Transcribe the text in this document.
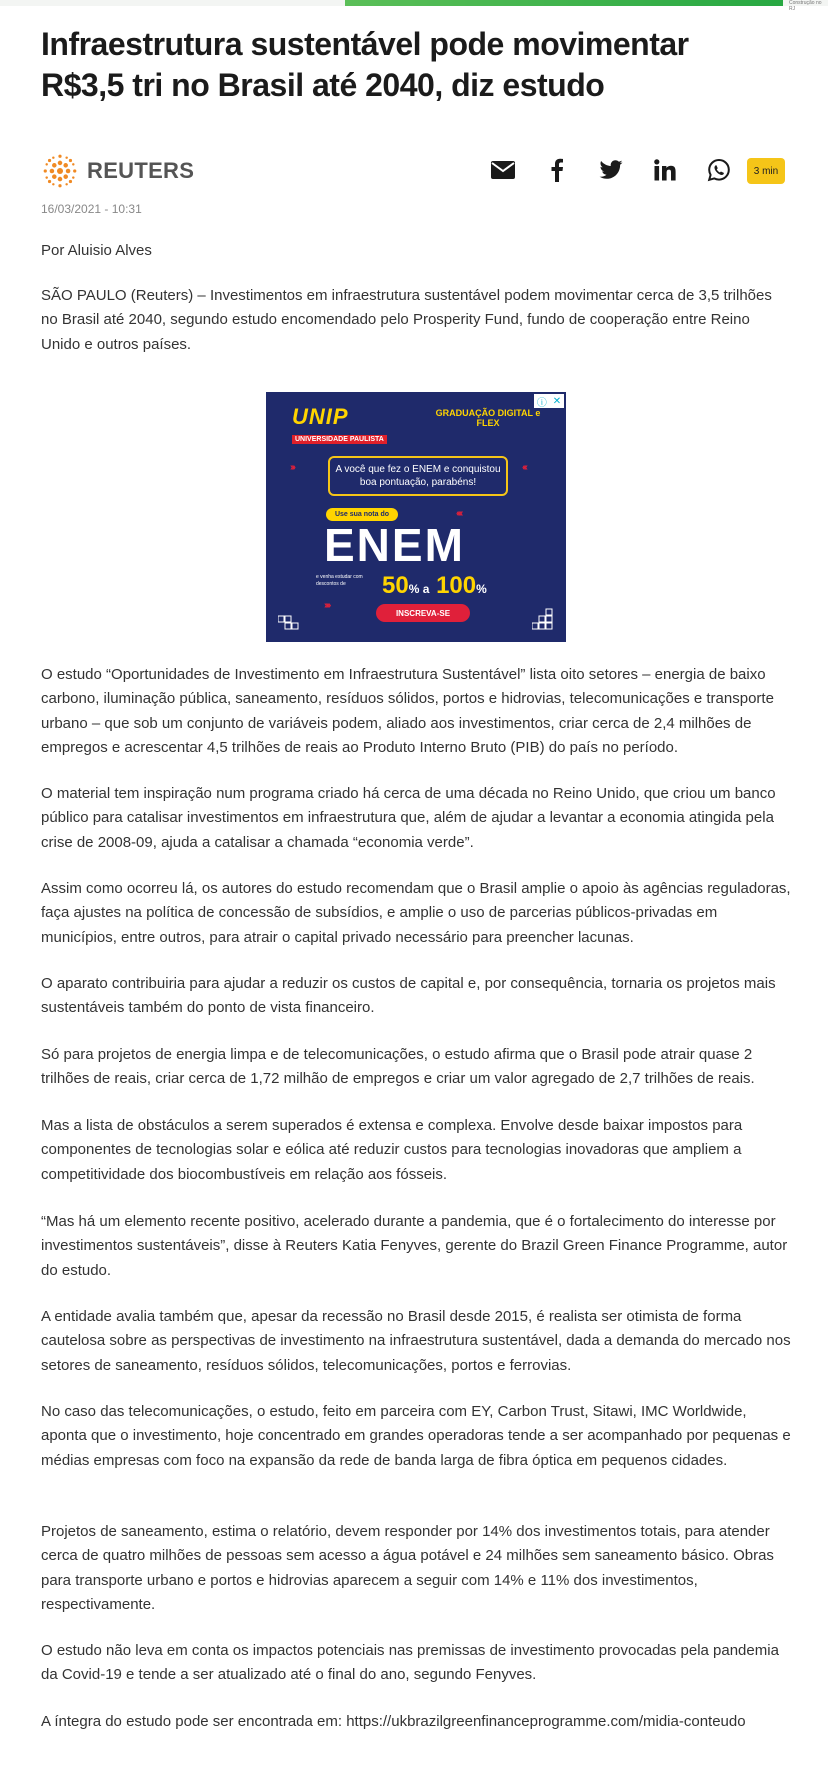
Construção no RJ
Infraestrutura sustentável pode movimentar R$3,5 tri no Brasil até 2040, diz estudo
REUTERS	3 min
16/03/2021 - 10:31
Por Aluisio Alves

SÃO PAULO (Reuters) – Investimentos em infraestrutura sustentável podem movimentar cerca de 3,5 trilhões no Brasil até 2040, segundo estudo encomendado pelo Prosperity Fund, fundo de cooperação entre Reino Unido e outros países.

ⓘ ✕
UNIP
UNIVERSIDADE PAULISTA
GRADUAÇÃO DIGITAL e FLEX
›››	‹‹‹
A você que fez o ENEM e conquistou boa pontuação, parabéns!
‹‹‹‹
Use sua nota do
ENEM
e venha estudar com descontos de	50% a 100%
››››
INSCREVA-SE

O estudo “Oportunidades de Investimento em Infraestrutura Sustentável” lista oito setores – energia de baixo carbono, iluminação pública, saneamento, resíduos sólidos, portos e hidrovias, telecomunicações e transporte urbano – que sob um conjunto de variáveis podem, aliado aos investimentos, criar cerca de 2,4 milhões de empregos e acrescentar 4,5 trilhões de reais ao Produto Interno Bruto (PIB) do país no período.

O material tem inspiração num programa criado há cerca de uma década no Reino Unido, que criou um banco público para catalisar investimentos em infraestrutura que, além de ajudar a levantar a economia atingida pela crise de 2008-09, ajuda a catalisar a chamada “economia verde”.

Assim como ocorreu lá, os autores do estudo recomendam que o Brasil amplie o apoio às agências reguladoras, faça ajustes na política de concessão de subsídios, e amplie o uso de parcerias públicos-privadas em municípios, entre outros, para atrair o capital privado necessário para preencher lacunas.

O aparato contribuiria para ajudar a reduzir os custos de capital e, por consequência, tornaria os projetos mais sustentáveis também do ponto de vista financeiro.

Só para projetos de energia limpa e de telecomunicações, o estudo afirma que o Brasil pode atrair quase 2 trilhões de reais, criar cerca de 1,72 milhão de empregos e criar um valor agregado de 2,7 trilhões de reais.

Mas a lista de obstáculos a serem superados é extensa e complexa. Envolve desde baixar impostos para componentes de tecnologias solar e eólica até reduzir custos para tecnologias inovadoras que ampliem a competitividade dos biocombustíveis em relação aos fósseis.

“Mas há um elemento recente positivo, acelerado durante a pandemia, que é o fortalecimento do interesse por investimentos sustentáveis”, disse à Reuters Katia Fenyves, gerente do Brazil Green Finance Programme, autor do estudo.

A entidade avalia também que, apesar da recessão no Brasil desde 2015, é realista ser otimista de forma cautelosa sobre as perspectivas de investimento na infraestrutura sustentável, dada a demanda do mercado nos setores de saneamento, resíduos sólidos, telecomunicações, portos e ferrovias.

No caso das telecomunicações, o estudo, feito em parceira com EY, Carbon Trust, Sitawi, IMC Worldwide, aponta que o investimento, hoje concentrado em grandes operadoras tende a ser acompanhado por pequenas e médias empresas com foco na expansão da rede de banda larga de fibra óptica em pequenos cidades.

Projetos de saneamento, estima o relatório, devem responder por 14% dos investimentos totais, para atender cerca de quatro milhões de pessoas sem acesso a água potável e 24 milhões sem saneamento básico. Obras para transporte urbano e portos e hidrovias aparecem a seguir com 14% e 11% dos investimentos, respectivamente.

O estudo não leva em conta os impactos potenciais nas premissas de investimento provocadas pela pandemia da Covid-19 e tende a ser atualizado até o final do ano, segundo Fenyves.

A íntegra do estudo pode ser encontrada em: https://ukbrazilgreenfinanceprogramme.com/midia-conteudo
